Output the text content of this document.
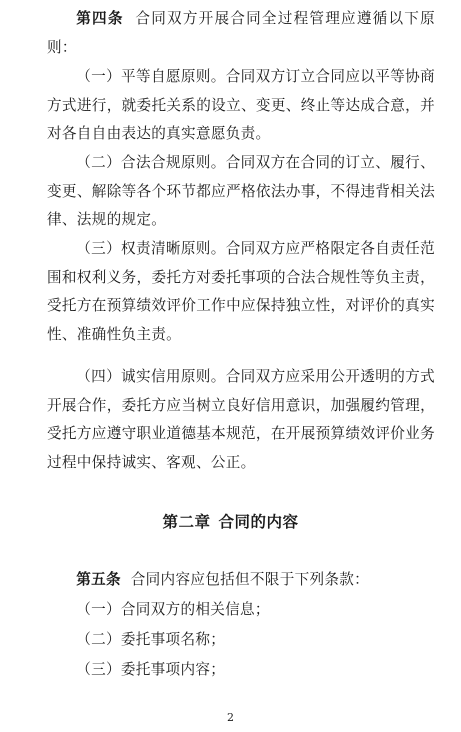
第四条 合同双方开展合同全过程管理应遵循以下原则：

（一）平等自愿原则。合同双方订立合同应以平等协商方式进行，就委托关系的设立、变更、终止等达成合意，并对各自自由表达的真实意愿负责。

（二）合法合规原则。合同双方在合同的订立、履行、变更、解除等各个环节都应严格依法办事，不得违背相关法律、法规的规定。

（三）权责清晰原则。合同双方应严格限定各自责任范围和权利义务，委托方对委托事项的合法合规性等负主责，受托方在预算绩效评价工作中应保持独立性，对评价的真实性、准确性负主责。

（四）诚实信用原则。合同双方应采用公开透明的方式开展合作，委托方应当树立良好信用意识，加强履约管理，受托方应遵守职业道德基本规范，在开展预算绩效评价业务过程中保持诚实、客观、公正。

第二章 合同的内容

第五条 合同内容应包括但不限于下列条款：

（一）合同双方的相关信息；

（二）委托事项名称；

（三）委托事项内容；

2
